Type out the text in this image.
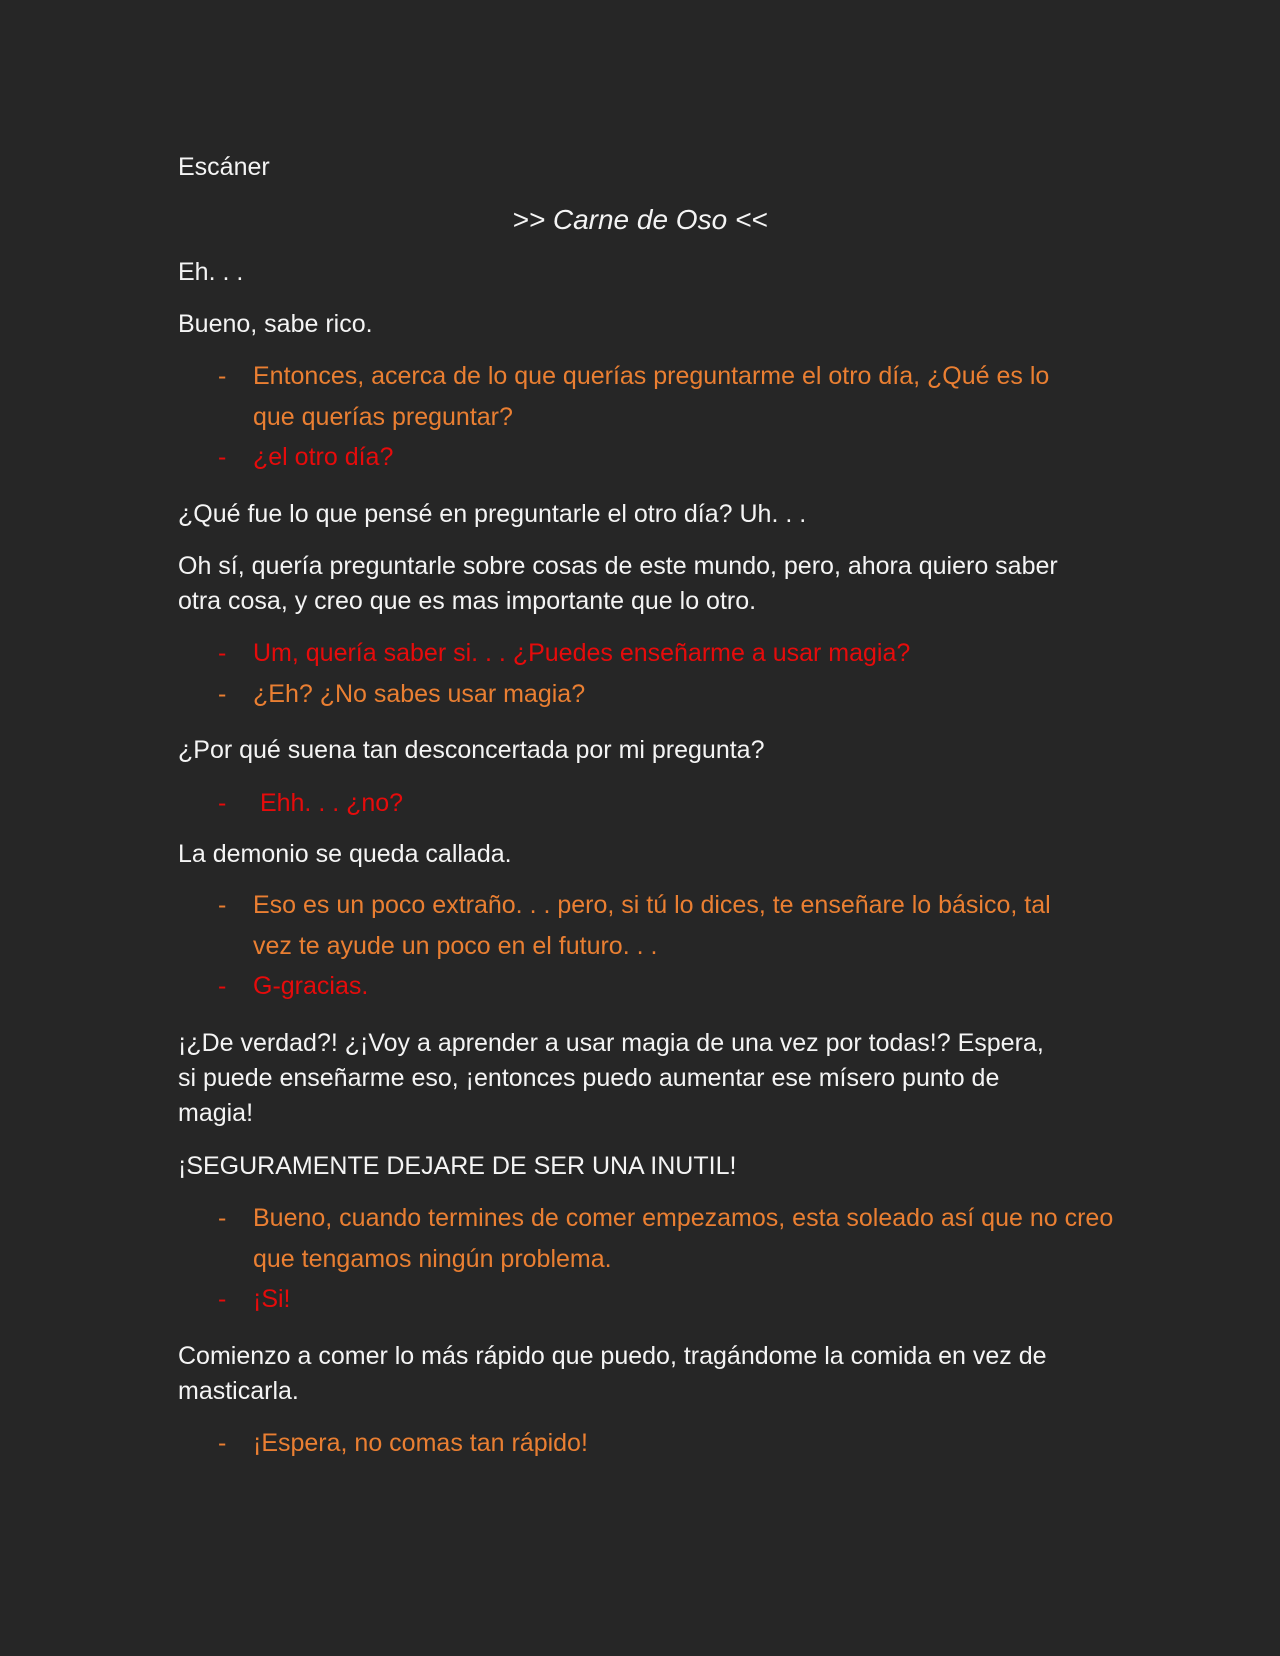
Escáner
>> Carne de Oso <<
Eh. . .
Bueno, sabe rico.
- Entonces, acerca de lo que querías preguntarme el otro día, ¿Qué es lo que querías preguntar?
- ¿el otro día?
¿Qué fue lo que pensé en preguntarle el otro día? Uh. . .
Oh sí, quería preguntarle sobre cosas de este mundo, pero, ahora quiero saber otra cosa, y creo que es mas importante que lo otro.
- Um, quería saber si. . . ¿Puedes enseñarme a usar magia?
- ¿Eh? ¿No sabes usar magia?
¿Por qué suena tan desconcertada por mi pregunta?
- Ehh. . . ¿no?
La demonio se queda callada.
- Eso es un poco extraño. . . pero, si tú lo dices, te enseñare lo básico, tal vez te ayude un poco en el futuro. . .
- G-gracias.
¡¿De verdad?! ¿¡Voy a aprender a usar magia de una vez por todas!? Espera, si puede enseñarme eso, ¡entonces puedo aumentar ese mísero punto de magia!
¡SEGURAMENTE DEJARE DE SER UNA INUTIL!
- Bueno, cuando termines de comer empezamos, esta soleado así que no creo que tengamos ningún problema.
- ¡Si!
Comienzo a comer lo más rápido que puedo, tragándome la comida en vez de masticarla.
- ¡Espera, no comas tan rápido!
